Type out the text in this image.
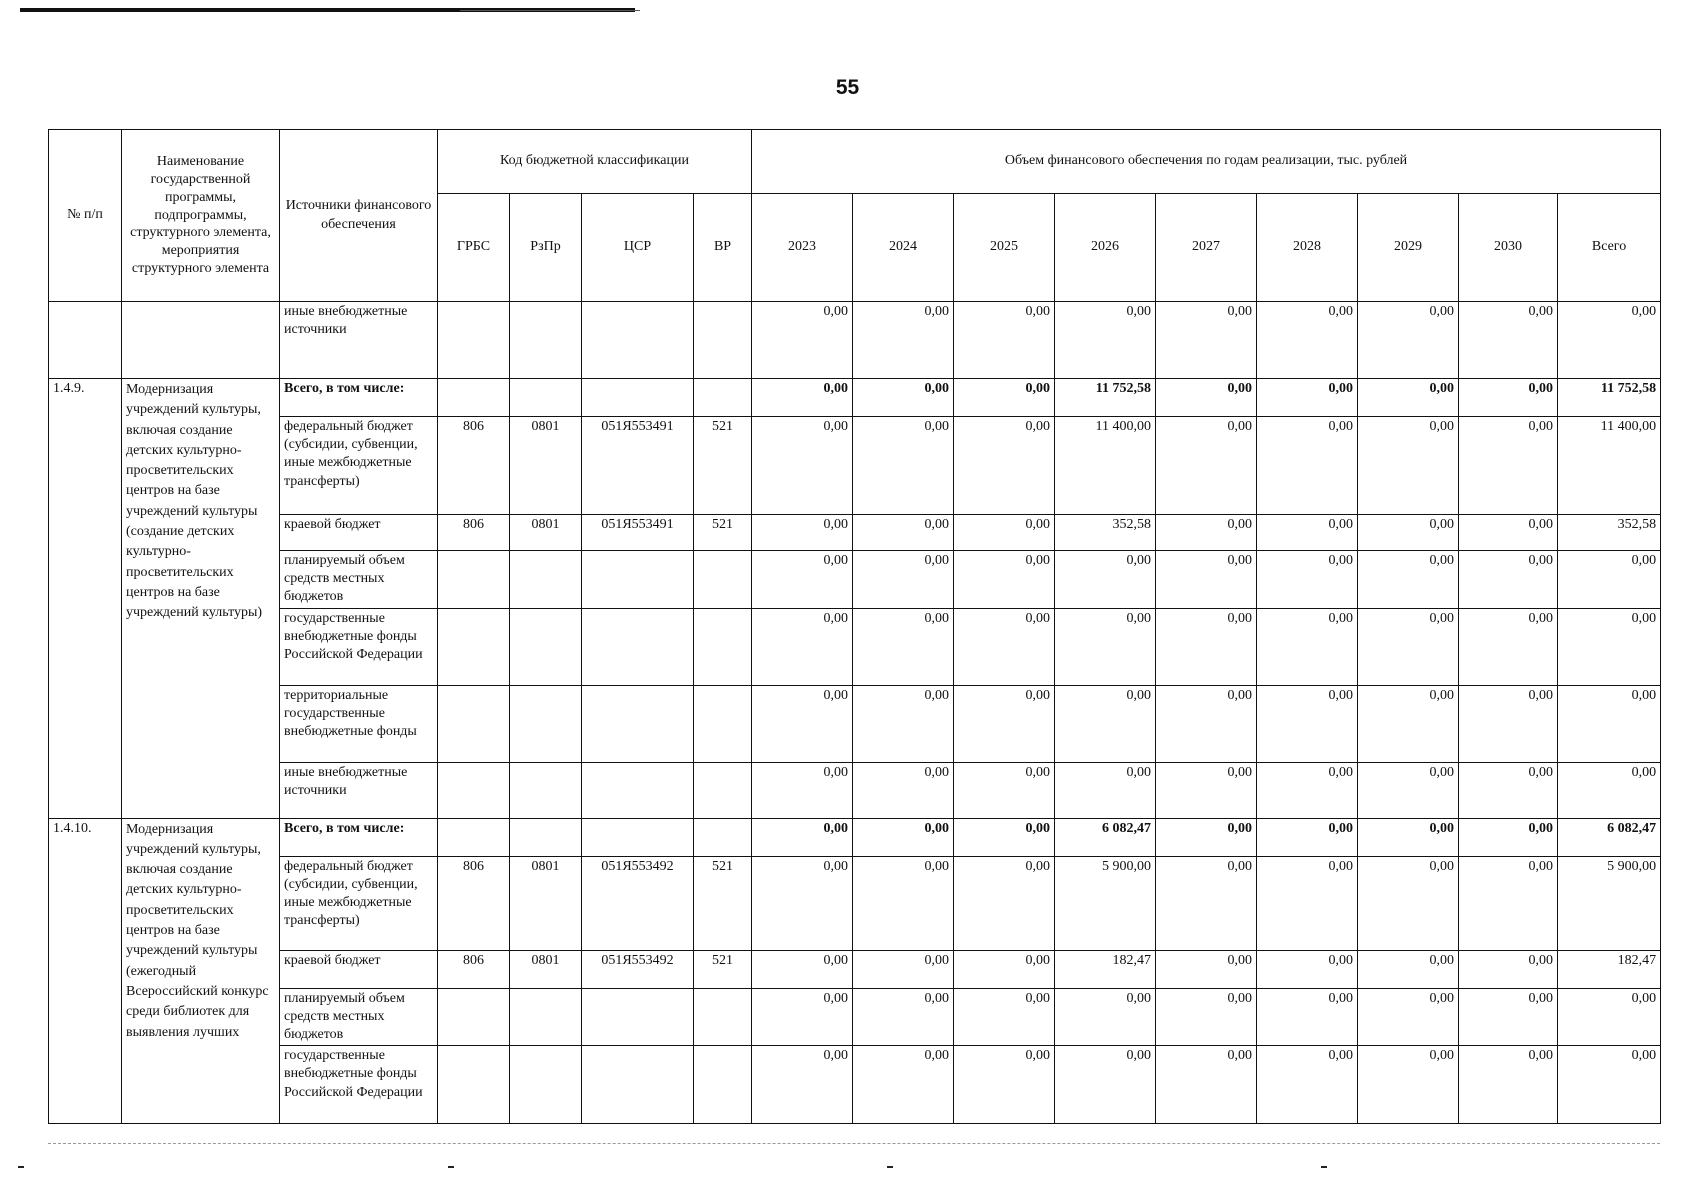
55
№ п/п	Наименование государственной программы, подпрограммы, структурного элемента, мероприятия структурного элемента	Источники финансового обеспечения	Код бюджетной классификации				Объем финансового обеспечения по годам реализации, тыс. рублей								
			ГРБС	РзПр	ЦСР	ВР	2023	2024	2025	2026	2027	2028	2029	2030	Всего
		иные внебюджетные источники					0,00	0,00	0,00	0,00	0,00	0,00	0,00	0,00	0,00
1.4.9.	Модернизация учреждений культуры, включая создание детских культурно-просветительских центров на базе учреждений культуры (создание детских культурно-просветительских центров на базе учреждений культуры)	Всего, в том числе:					0,00	0,00	0,00	11 752,58	0,00	0,00	0,00	0,00	11 752,58
		федеральный бюджет (субсидии, субвенции, иные межбюджетные трансферты)	806	0801	051Я553491	521	0,00	0,00	0,00	11 400,00	0,00	0,00	0,00	0,00	11 400,00
		краевой бюджет	806	0801	051Я553491	521	0,00	0,00	0,00	352,58	0,00	0,00	0,00	0,00	352,58
		планируемый объем средств местных бюджетов					0,00	0,00	0,00	0,00	0,00	0,00	0,00	0,00	0,00
		государственные внебюджетные фонды Российской Федерации					0,00	0,00	0,00	0,00	0,00	0,00	0,00	0,00	0,00
		территориальные государственные внебюджетные фонды					0,00	0,00	0,00	0,00	0,00	0,00	0,00	0,00	0,00
		иные внебюджетные источники					0,00	0,00	0,00	0,00	0,00	0,00	0,00	0,00	0,00
1.4.10.	Модернизация учреждений культуры, включая создание детских культурно-просветительских центров на базе учреждений культуры (ежегодный Всероссийский конкурс среди библиотек для выявления лучших	Всего, в том числе:					0,00	0,00	0,00	6 082,47	0,00	0,00	0,00	0,00	6 082,47
		федеральный бюджет (субсидии, субвенции, иные межбюджетные трансферты)	806	0801	051Я553492	521	0,00	0,00	0,00	5 900,00	0,00	0,00	0,00	0,00	5 900,00
		краевой бюджет	806	0801	051Я553492	521	0,00	0,00	0,00	182,47	0,00	0,00	0,00	0,00	182,47
		планируемый объем средств местных бюджетов					0,00	0,00	0,00	0,00	0,00	0,00	0,00	0,00	0,00
		государственные внебюджетные фонды Российской Федерации					0,00	0,00	0,00	0,00	0,00	0,00	0,00	0,00	0,00
